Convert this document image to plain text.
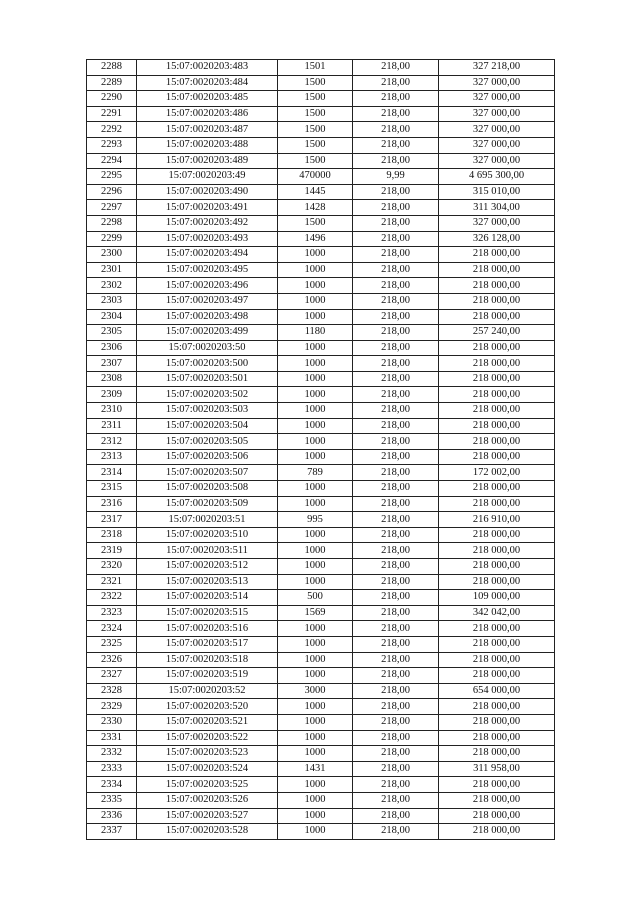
2288	15:07:0020203:483	1501	218,00	327 218,00
2289	15:07:0020203:484	1500	218,00	327 000,00
2290	15:07:0020203:485	1500	218,00	327 000,00
2291	15:07:0020203:486	1500	218,00	327 000,00
2292	15:07:0020203:487	1500	218,00	327 000,00
2293	15:07:0020203:488	1500	218,00	327 000,00
2294	15:07:0020203:489	1500	218,00	327 000,00
2295	15:07:0020203:49	470000	9,99	4 695 300,00
2296	15:07:0020203:490	1445	218,00	315 010,00
2297	15:07:0020203:491	1428	218,00	311 304,00
2298	15:07:0020203:492	1500	218,00	327 000,00
2299	15:07:0020203:493	1496	218,00	326 128,00
2300	15:07:0020203:494	1000	218,00	218 000,00
2301	15:07:0020203:495	1000	218,00	218 000,00
2302	15:07:0020203:496	1000	218,00	218 000,00
2303	15:07:0020203:497	1000	218,00	218 000,00
2304	15:07:0020203:498	1000	218,00	218 000,00
2305	15:07:0020203:499	1180	218,00	257 240,00
2306	15:07:0020203:50	1000	218,00	218 000,00
2307	15:07:0020203:500	1000	218,00	218 000,00
2308	15:07:0020203:501	1000	218,00	218 000,00
2309	15:07:0020203:502	1000	218,00	218 000,00
2310	15:07:0020203:503	1000	218,00	218 000,00
2311	15:07:0020203:504	1000	218,00	218 000,00
2312	15:07:0020203:505	1000	218,00	218 000,00
2313	15:07:0020203:506	1000	218,00	218 000,00
2314	15:07:0020203:507	789	218,00	172 002,00
2315	15:07:0020203:508	1000	218,00	218 000,00
2316	15:07:0020203:509	1000	218,00	218 000,00
2317	15:07:0020203:51	995	218,00	216 910,00
2318	15:07:0020203:510	1000	218,00	218 000,00
2319	15:07:0020203:511	1000	218,00	218 000,00
2320	15:07:0020203:512	1000	218,00	218 000,00
2321	15:07:0020203:513	1000	218,00	218 000,00
2322	15:07:0020203:514	500	218,00	109 000,00
2323	15:07:0020203:515	1569	218,00	342 042,00
2324	15:07:0020203:516	1000	218,00	218 000,00
2325	15:07:0020203:517	1000	218,00	218 000,00
2326	15:07:0020203:518	1000	218,00	218 000,00
2327	15:07:0020203:519	1000	218,00	218 000,00
2328	15:07:0020203:52	3000	218,00	654 000,00
2329	15:07:0020203:520	1000	218,00	218 000,00
2330	15:07:0020203:521	1000	218,00	218 000,00
2331	15:07:0020203:522	1000	218,00	218 000,00
2332	15:07:0020203:523	1000	218,00	218 000,00
2333	15:07:0020203:524	1431	218,00	311 958,00
2334	15:07:0020203:525	1000	218,00	218 000,00
2335	15:07:0020203:526	1000	218,00	218 000,00
2336	15:07:0020203:527	1000	218,00	218 000,00
2337	15:07:0020203:528	1000	218,00	218 000,00
